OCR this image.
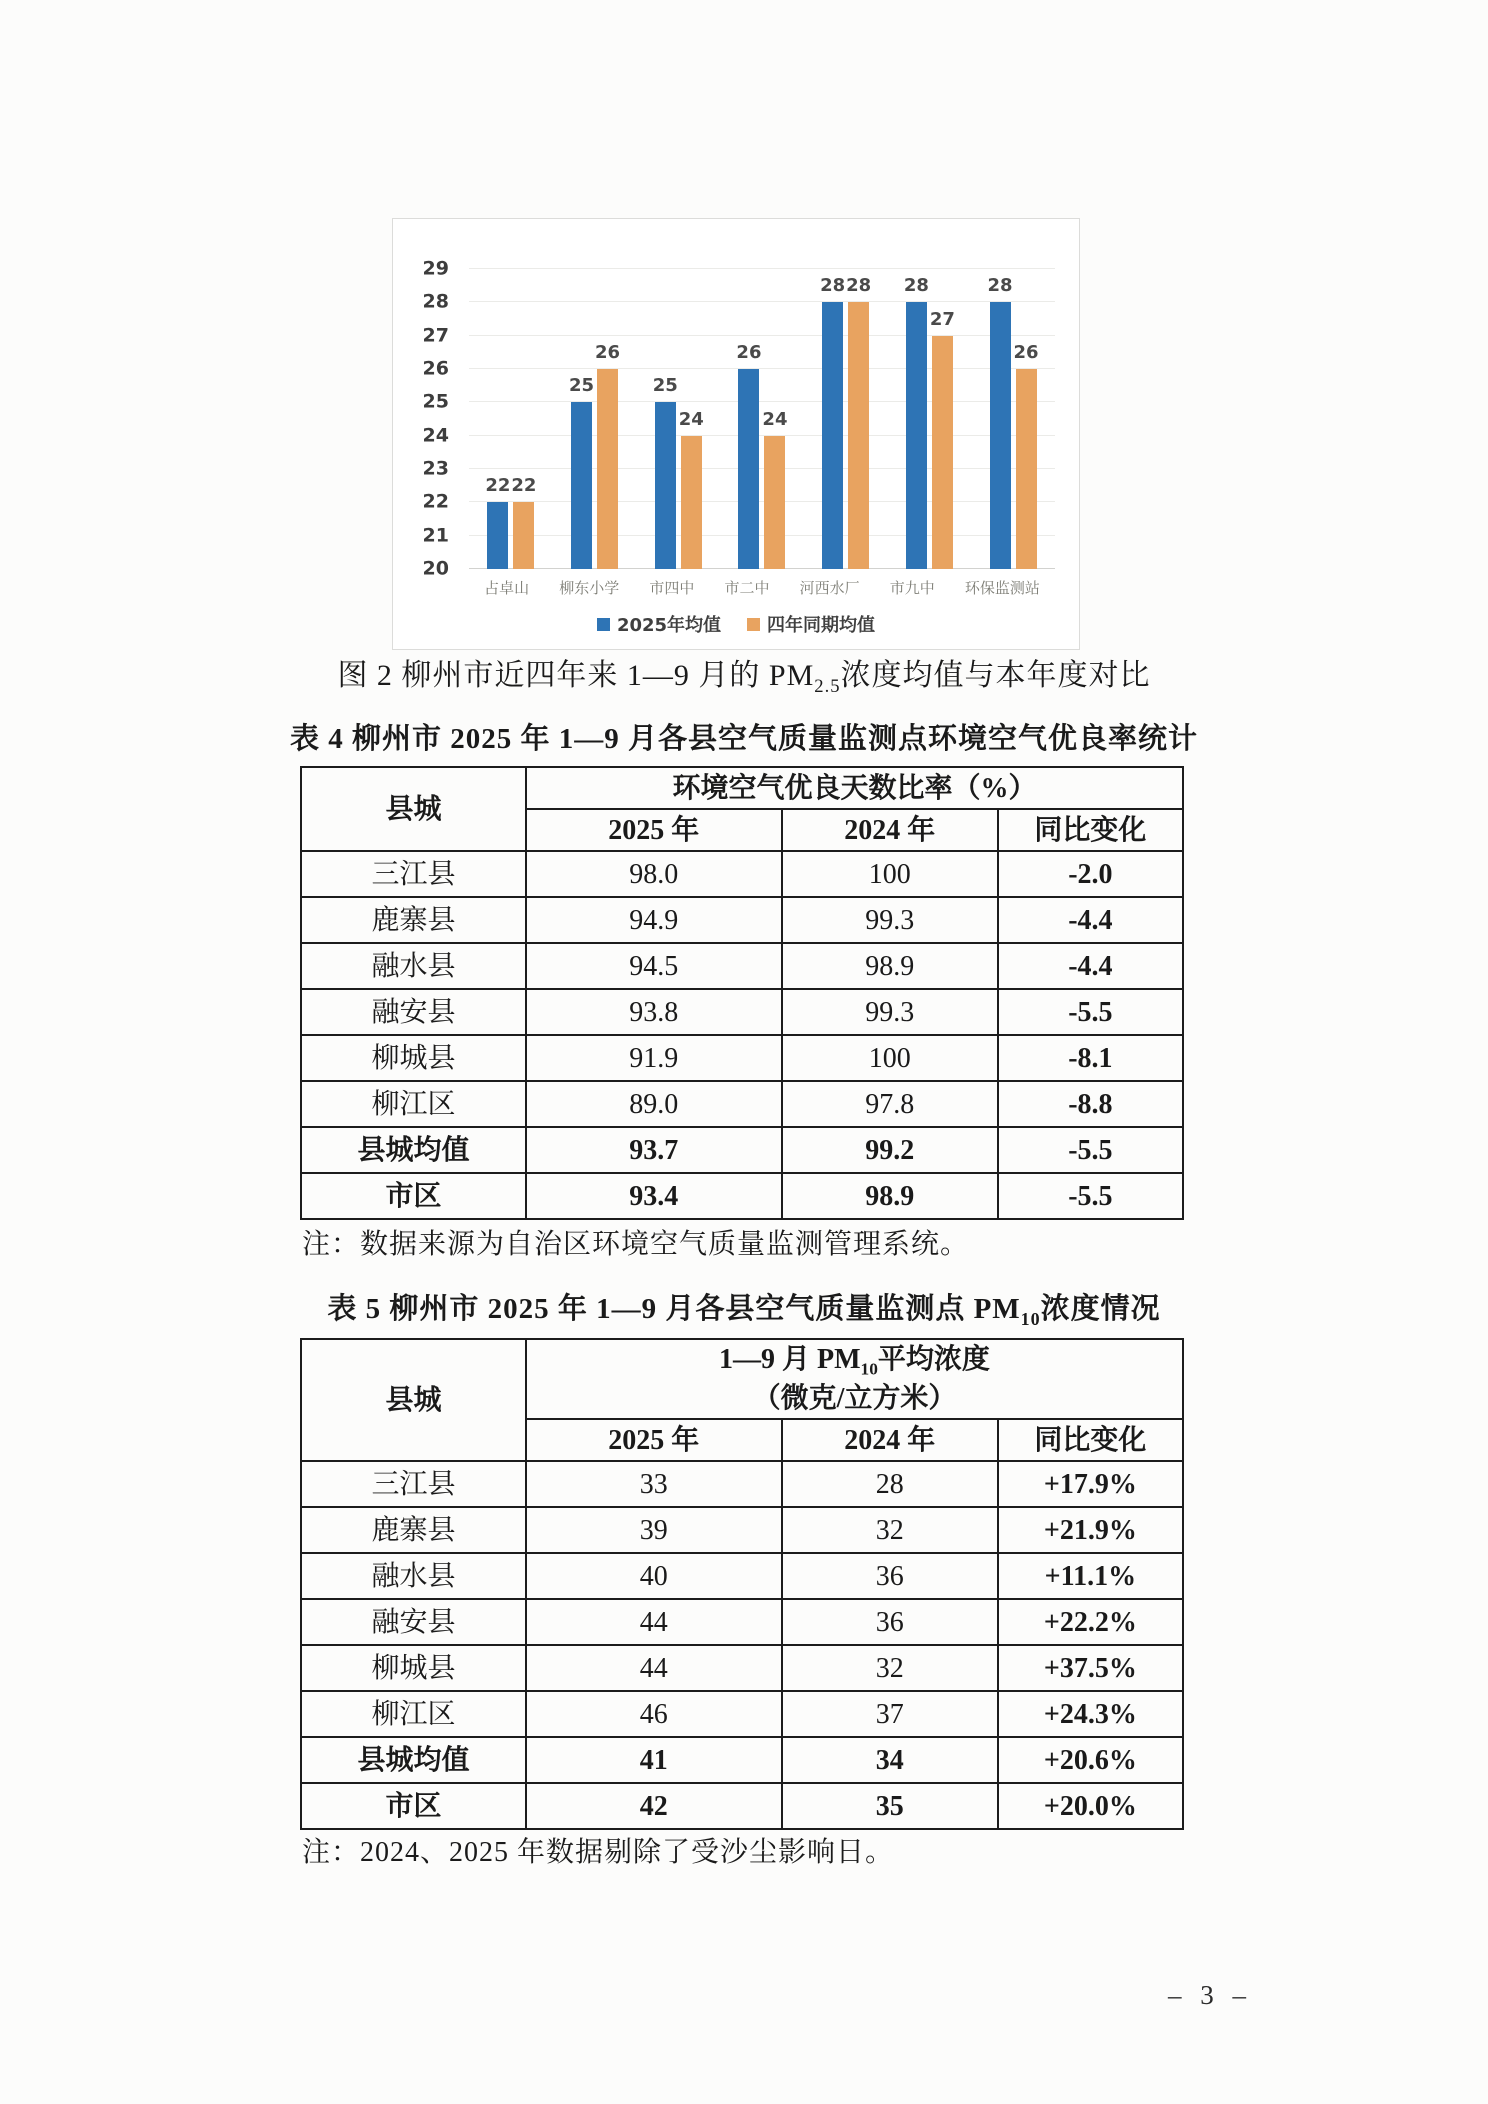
20
21
22
23
24
25
26
27
28
29
22 22
25
26
25
24
26
24
28 28 28
27
28
26
占卓山 柳东小学 市四中 市二中 河西水厂 市九中 环保监测站
2025年均值	四年同期均值
图 2 柳州市近四年来 1—9 月的 $PM_{2.5}$浓度均值与本年度对比
表 4 柳州市 2025 年 1—9 月各县空气质量监测点环境空气优良率统计
县城	环境空气优良天数比率（%）		
	2025 年	2024 年	同比变化
三江县	98.0	100	-2.0
鹿寨县	94.9	99.3	-4.4
融水县	94.5	98.9	-4.4
融安县	93.8	99.3	-5.5
柳城县	91.9	100	-8.1
柳江区	89.0	97.8	-8.8
县城均值	93.7	99.2	-5.5
市区	93.4	98.9	-5.5
注：数据来源为自治区环境空气质量监测管理系统。
表 5 柳州市 2025 年 1—9 月各县空气质量监测点 $PM_{10}$浓度情况
县城	1—9 月 $PM_{10}$平均浓度
（微克/立方米）		

	2025 年	2024 年	同比变化
三江县	33	28	+17.9%
鹿寨县	39	32	+21.9%
融水县	40	36	+11.1%
融安县	44	36	+22.2%
柳城县	44	32	+37.5%
柳江区	46	37	+24.3%
县城均值	41	34	+20.6%
市区	42	35	+20.0%
注：2024、2025 年数据剔除了受沙尘影响日。
– 3 –
